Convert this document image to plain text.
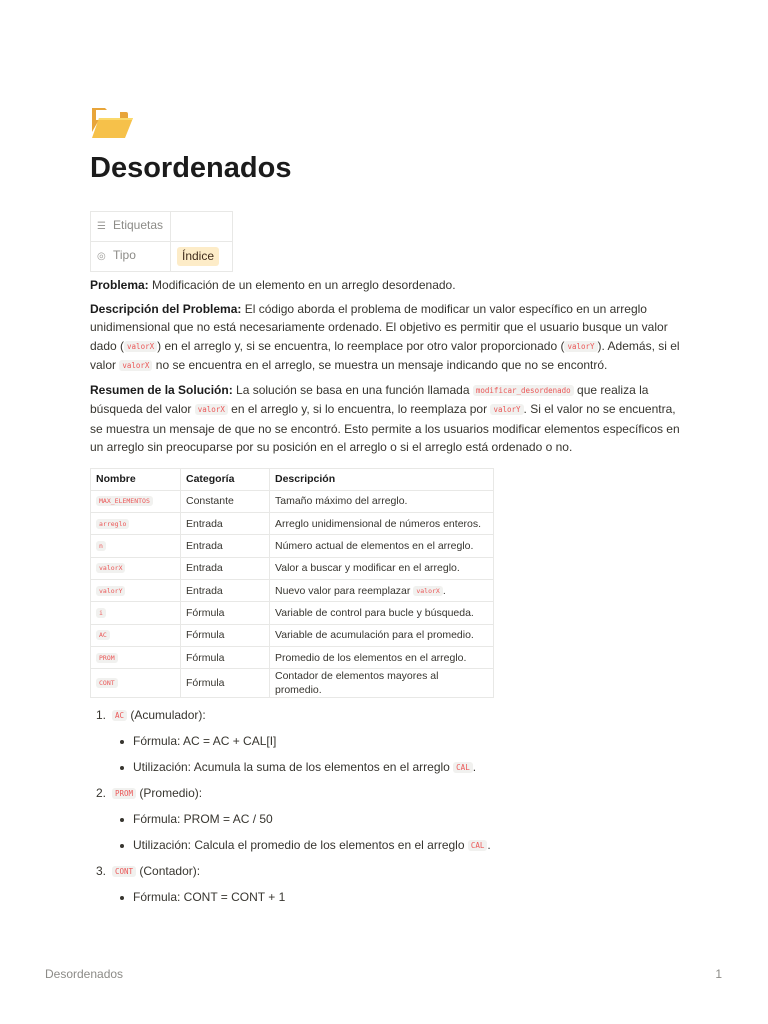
Desordenados
☰ Etiquetas	
◎ Tipo	Índice

Problema: Modificación de un elemento en un arreglo desordenado.

Descripción del Problema: El código aborda el problema de modificar un valor específico en un arreglo unidimensional que no está necesariamente ordenado. El objetivo es permitir que el usuario busque un valor dado ( valorX ) en el arreglo y, si se encuentra, lo reemplace por otro valor proporcionado ( valorY ). Además, si el valor valorX no se encuentra en el arreglo, se muestra un mensaje indicando que no se encontró.

Resumen de la Solución: La solución se basa en una función llamada modificar_desordenado que realiza la búsqueda del valor valorX en el arreglo y, si lo encuentra, lo reemplaza por valorY . Si el valor no se encuentra, se muestra un mensaje de que no se encontró. Esto permite a los usuarios modificar elementos específicos en un arreglo sin preocuparse por su posición en el arreglo o si el arreglo está ordenado o no.

Nombre	Categoría	Descripción
MAX_ELEMENTOS	Constante	Tamaño máximo del arreglo.
arreglo	Entrada	Arreglo unidimensional de números enteros.
n	Entrada	Número actual de elementos en el arreglo.
valorX	Entrada	Valor a buscar y modificar en el arreglo.
valorY	Entrada	Nuevo valor para reemplazar valorX .
i	Fórmula	Variable de control para bucle y búsqueda.
AC	Fórmula	Variable de acumulación para el promedio.
PROM	Fórmula	Promedio de los elementos en el arreglo.
CONT	Fórmula	Contador de elementos mayores al promedio.
1. AC (Acumulador):
Fórmula: AC = AC + CAL[I]
Utilización: Acumula la suma de los elementos en el arreglo CAL .
2. PROM (Promedio):
Fórmula: PROM = AC / 50
Utilización: Calcula el promedio de los elementos en el arreglo CAL .
3. CONT (Contador):
Fórmula: CONT = CONT + 1
Desordenados	1
